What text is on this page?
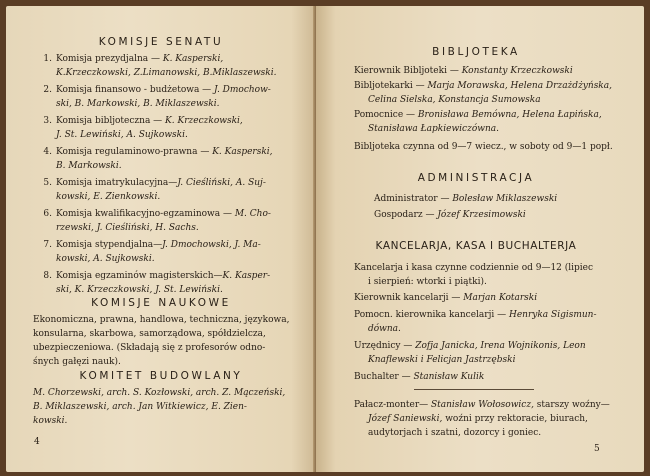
KOMISJE SENATU
1. Komisja prezydjalna — K. Kasperski,
K.Krzeczkowski, Z.Limanowski, B.Miklaszewski.
2. Komisja finansowo - budżetowa — J. Dmochow-
ski, B. Markowski, B. Miklaszewski.
3. Komisja bibljoteczna — K. Krzeczkowski,
J. St. Lewiński, A. Sujkowski.
4. Komisja regulaminowo-prawna — K. Kasperski,
B. Markowski.
5. Komisja imatrykulacyjna—J. Cieśliński, A. Suj-
kowski, E. Zienkowski.
6. Komisja kwalifikacyjno-egzaminowa — M. Cho-
rzewski, J. Cieśliński, H. Sachs.
7. Komisja stypendjalna—J. Dmochowski, J. Ma-
kowski, A. Sujkowski.
8. Komisja egzaminów magisterskich—K. Kasper-
ski, K. Krzeczkowski, J. St. Lewiński.
KOMISJE NAUKOWE
Ekonomiczna, prawna, handlowa, techniczna, językowa,
konsularna, skarbowa, samorządowa, spółdzielcza,
ubezpieczeniowa. (Składają się z profesorów odno-
śnych gałęzi nauk).
KOMITET BUDOWLANY
M. Chorzewski, arch. S. Kozłowski, arch. Z. Mączeński,
B. Miklaszewski, arch. Jan Witkiewicz, E. Zien-
kowski.
4
BIBLJOTEKA
Kierownik Bibljoteki — Konstanty Krzeczkowski
Bibljotekarki — Marja Morawska, Helena Drzażdżyńska,
Celina Sielska, Konstancja Sumowska
Pomocnice — Bronisława Bemówna, Helena Łapińska,
Stanisława Łapkiewiczówna.
Bibljoteka czynna od 9—7 wiecz., w soboty od 9—1 popł.
ADMINISTRACJA
Administrator — Bolesław Miklaszewski
Gospodarz — Józef Krzesimowski
KANCELARJA, KASA I BUCHALTERJA
Kancelarja i kasa czynne codziennie od 9—12 (lipiec
i sierpień: wtorki i piątki).
Kierownik kancelarji — Marjan Kotarski
Pomocn. kierownika kancelarji — Henryka Sigismun-
dówna.
Urzędnicy — Zofja Janicka, Irena Wojnikonis, Leon
Knaflewski i Felicjan Jastrzębski
Buchalter — Stanisław Kulik
Pałacz-monter— Stanisław Wołosowicz, starszy woźny—
Józef Saniewski, woźni przy rektoracie, biurach,
audytorjach i szatni, dozorcy i goniec.
5
